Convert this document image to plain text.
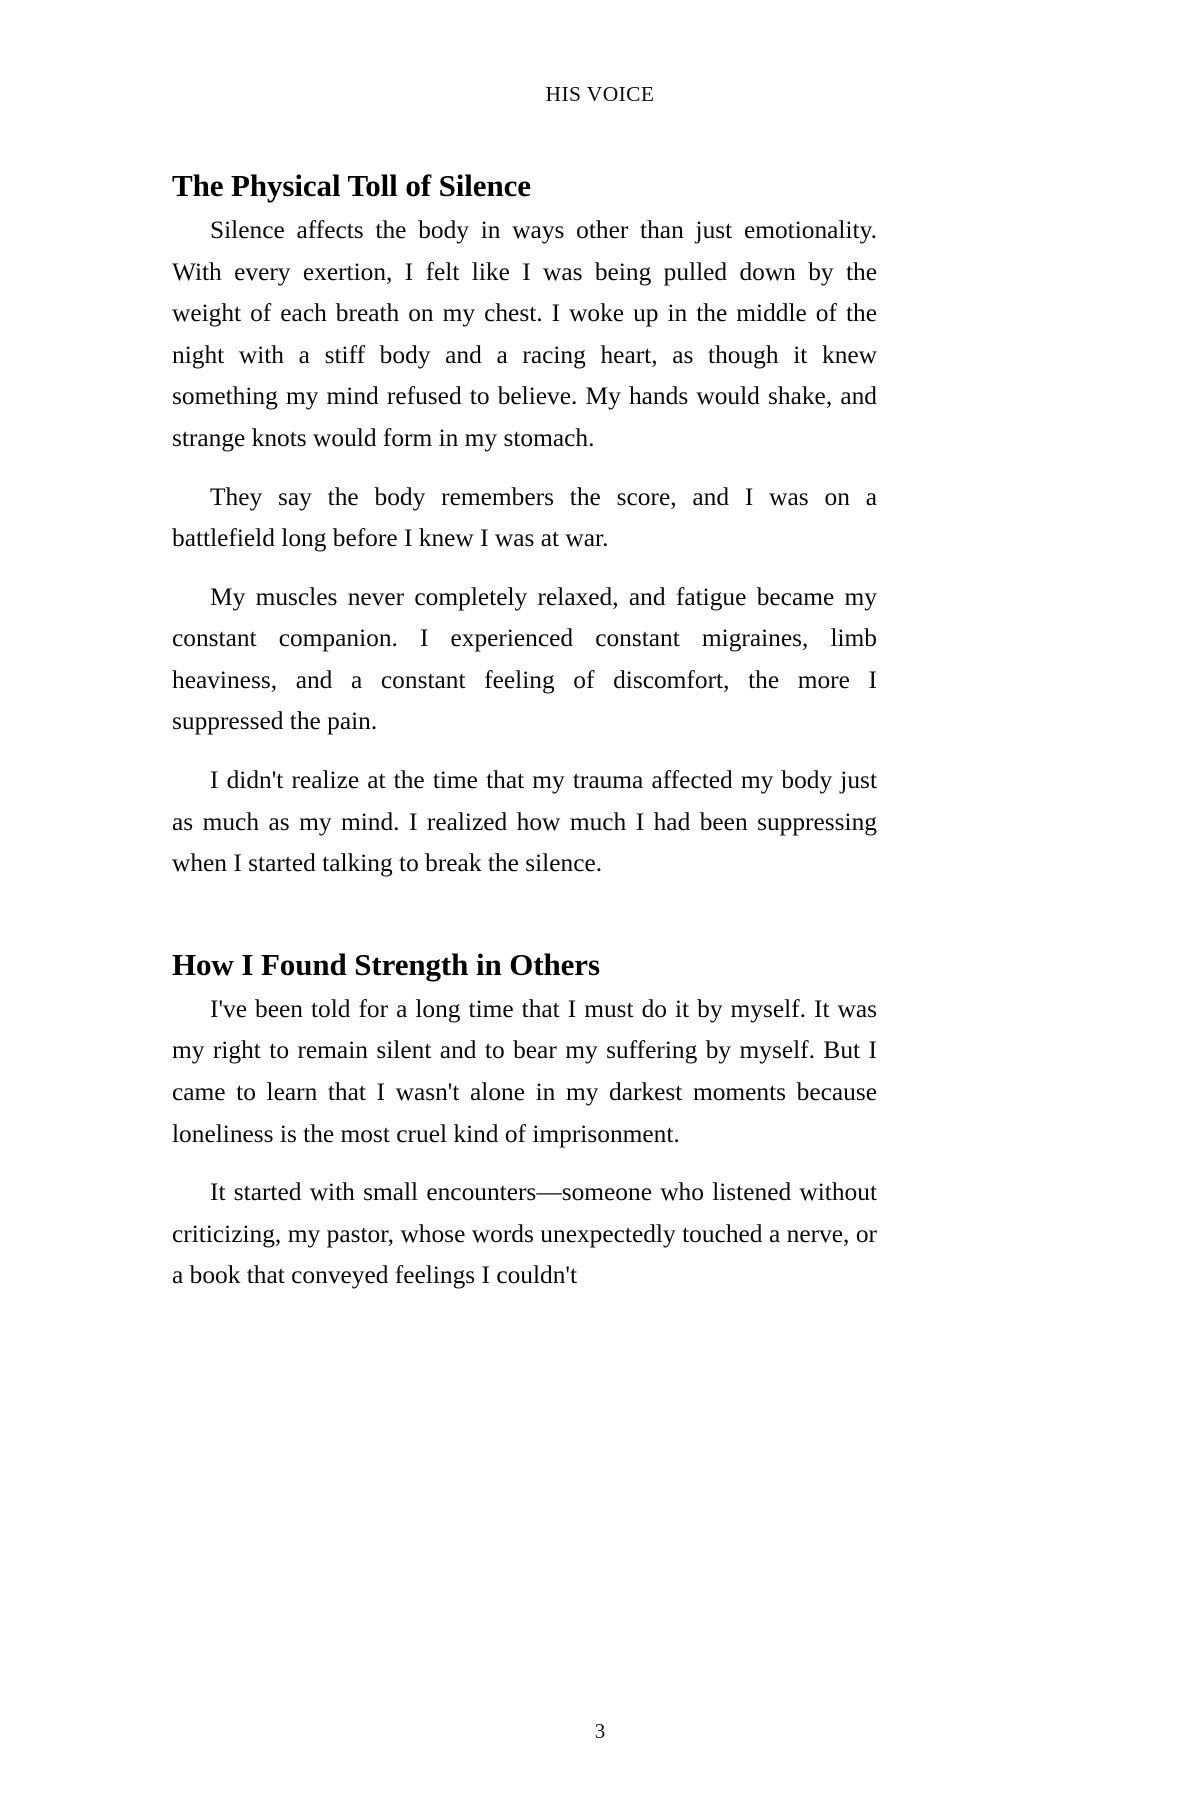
HIS VOICE
The Physical Toll of Silence

Silence affects the body in ways other than just emotionality. With every exertion, I felt like I was being pulled down by the weight of each breath on my chest. I woke up in the middle of the night with a stiff body and a racing heart, as though it knew something my mind refused to believe. My hands would shake, and strange knots would form in my stomach.

They say the body remembers the score, and I was on a battlefield long before I knew I was at war.

My muscles never completely relaxed, and fatigue became my constant companion. I experienced constant migraines, limb heaviness, and a constant feeling of discomfort, the more I suppressed the pain.

I didn't realize at the time that my trauma affected my body just as much as my mind. I realized how much I had been suppressing when I started talking to break the silence.

How I Found Strength in Others

I've been told for a long time that I must do it by myself. It was my right to remain silent and to bear my suffering by myself. But I came to learn that I wasn't alone in my darkest moments because loneliness is the most cruel kind of imprisonment.

It started with small encounters—someone who listened without criticizing, my pastor, whose words unexpectedly touched a nerve, or a book that conveyed feelings I couldn't

3
